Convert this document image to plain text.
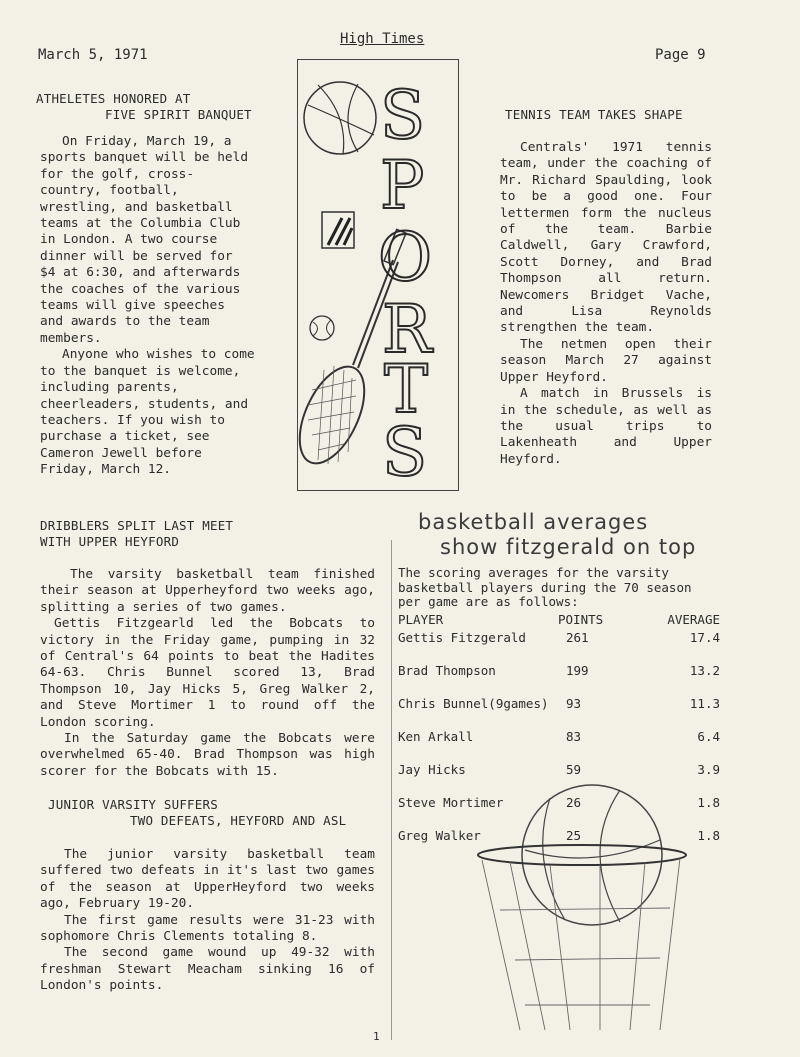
March 5, 1971
High Times
Page 9
ATHELETES HONORED AT
FIVE SPIRIT BANQUET

On Friday, March 19, a sports banquet will be held for the golf, cross-country, football, wrestling, and basketball teams at the Columbia Club in London. A two course dinner will be served for $4 at 6:30, and afterwards the coaches of the various teams will give speeches and awards to the team members.

Anyone who wishes to come to the banquet is welcome, including parents, cheerleaders, students, and teachers. If you wish to purchase a ticket, see Cameron Jewell before Friday, March 12.

S
P
O
R
T
S
TENNIS TEAM TAKES SHAPE

Centrals' 1971 tennis team, under the coaching of Mr. Richard Spaulding, look to be a good one. Four lettermen form the nucleus of the team. Barbie Caldwell, Gary Crawford, Scott Dorney, and Brad Thompson all return. Newcomers Bridget Vache, and Lisa Reynolds strengthen the team.

The netmen open their season March 27 against Upper Heyford.

A match in Brussels is in the schedule, as well as the usual trips to Lakenheath and Upper Heyford.

DRIBBLERS SPLIT LAST MEET
WITH UPPER HEYFORD

The varsity basketball team finished their season at Upperheyford two weeks ago, splitting a series of two games.

Gettis Fitzgearld led the Bobcats to victory in the Friday game, pumping in 32 of Central's 64 points to beat the Hadites 64-63. Chris Bunnel scored 13, Brad Thompson 10, Jay Hicks 5, Greg Walker 2, and Steve Mortimer 1 to round off the London scoring.

In the Saturday game the Bobcats were overwhelmed 65-40. Brad Thompson was high scorer for the Bobcats with 15.

JUNIOR VARSITY SUFFERS
TWO DEFEATS, HEYFORD AND ASL

The junior varsity basketball team suffered two defeats in it's last two games of the season at UpperHeyford two weeks ago, February 19-20.

The first game results were 31-23 with sophomore Chris Clements totaling 8.

The second game wound up 49-32 with freshman Stewart Meacham sinking 16 of London's points.

basketball averages
show fitzgerald on top
The scoring averages for the varsity basketball players during the 70 season per game are as follows:
PLAYER	POINTS	AVERAGE
Gettis Fitzgerald	261	17.4
Brad Thompson	199	13.2
Chris Bunnel(9games)	93	11.3
Ken Arkall	83	6.4
Jay Hicks	59	3.9
Steve Mortimer	26	1.8
Greg Walker	25	1.8
1
